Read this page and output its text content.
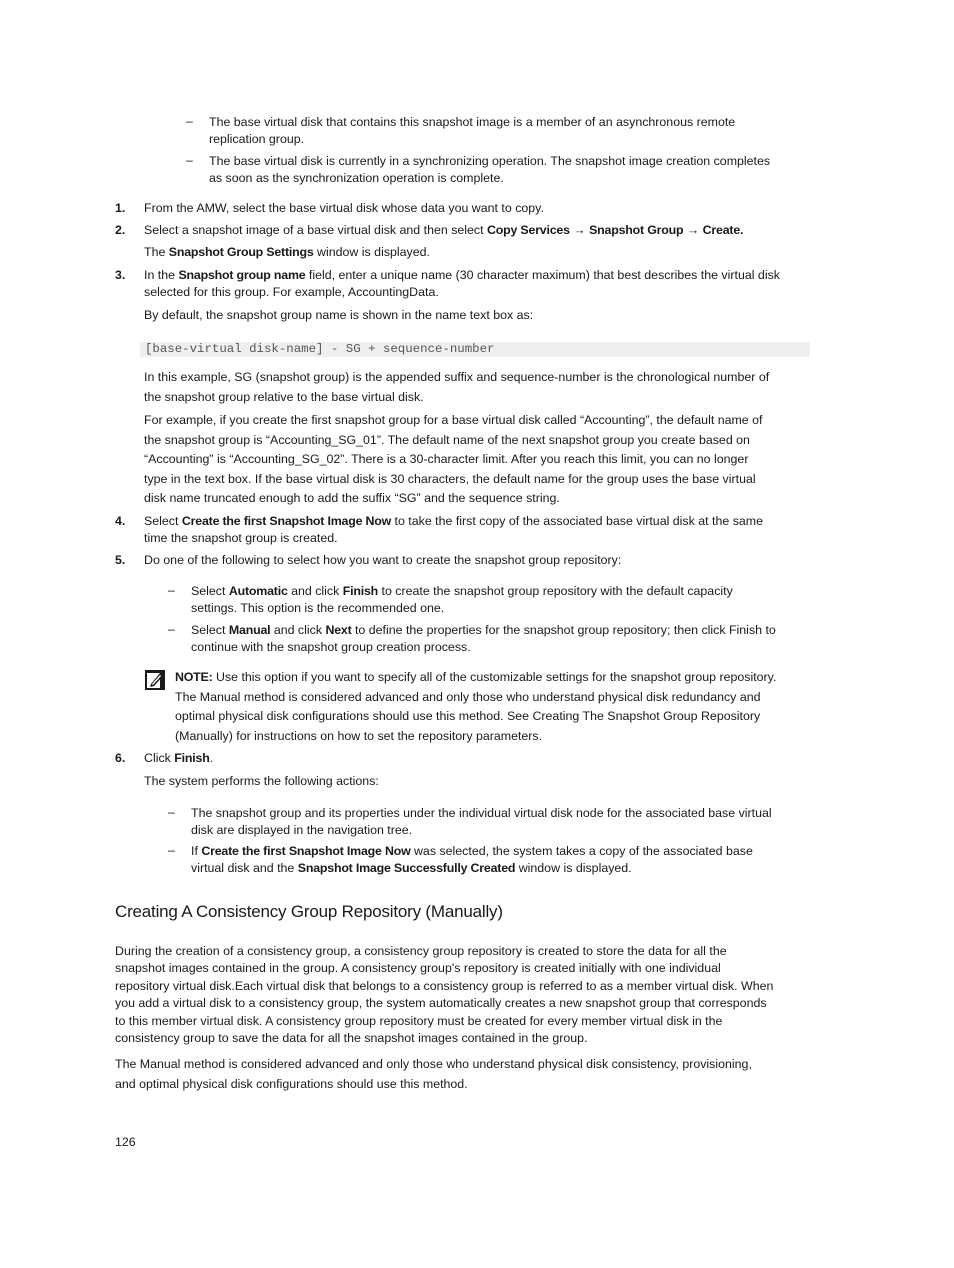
– The base virtual disk that contains this snapshot image is a member of an asynchronous remote

replication group.

– The base virtual disk is currently in a synchronizing operation. The snapshot image creation completes

as soon as the synchronization operation is complete.

1. From the AMW, select the base virtual disk whose data you want to copy.

2. Select a snapshot image of a base virtual disk and then select Copy Services → Snapshot Group → Create.

The Snapshot Group Settings window is displayed.

3. In the Snapshot group name field, enter a unique name (30 character maximum) that best describes the virtual disk

selected for this group. For example, AccountingData.

By default, the snapshot group name is shown in the name text box as:

[base-virtual disk-name] - SG + sequence-number

In this example, SG (snapshot group) is the appended suffix and sequence-number is the chronological number of

the snapshot group relative to the base virtual disk.

For example, if you create the first snapshot group for a base virtual disk called “Accounting”, the default name of

the snapshot group is “Accounting_SG_01”. The default name of the next snapshot group you create based on

“Accounting” is “Accounting_SG_02”. There is a 30-character limit. After you reach this limit, you can no longer

type in the text box. If the base virtual disk is 30 characters, the default name for the group uses the base virtual

disk name truncated enough to add the suffix “SG” and the sequence string.

4. Select Create the first Snapshot Image Now to take the first copy of the associated base virtual disk at the same

time the snapshot group is created.

5. Do one of the following to select how you want to create the snapshot group repository:

– Select Automatic and click Finish to create the snapshot group repository with the default capacity

settings. This option is the recommended one.

– Select Manual and click Next to define the properties for the snapshot group repository; then click Finish to

continue with the snapshot group creation process.

NOTE: Use this option if you want to specify all of the customizable settings for the snapshot group repository.

The Manual method is considered advanced and only those who understand physical disk redundancy and

optimal physical disk configurations should use this method. See Creating The Snapshot Group Repository

(Manually) for instructions on how to set the repository parameters.

6. Click Finish.

The system performs the following actions:

– The snapshot group and its properties under the individual virtual disk node for the associated base virtual

disk are displayed in the navigation tree.

– If Create the first Snapshot Image Now was selected, the system takes a copy of the associated base

virtual disk and the Snapshot Image Successfully Created window is displayed.

Creating A Consistency Group Repository (Manually)

During the creation of a consistency group, a consistency group repository is created to store the data for all the

snapshot images contained in the group. A consistency group's repository is created initially with one individual

repository virtual disk.Each virtual disk that belongs to a consistency group is referred to as a member virtual disk. When

you add a virtual disk to a consistency group, the system automatically creates a new snapshot group that corresponds

to this member virtual disk. A consistency group repository must be created for every member virtual disk in the

consistency group to save the data for all the snapshot images contained in the group.

The Manual method is considered advanced and only those who understand physical disk consistency, provisioning,

and optimal physical disk configurations should use this method.

126
